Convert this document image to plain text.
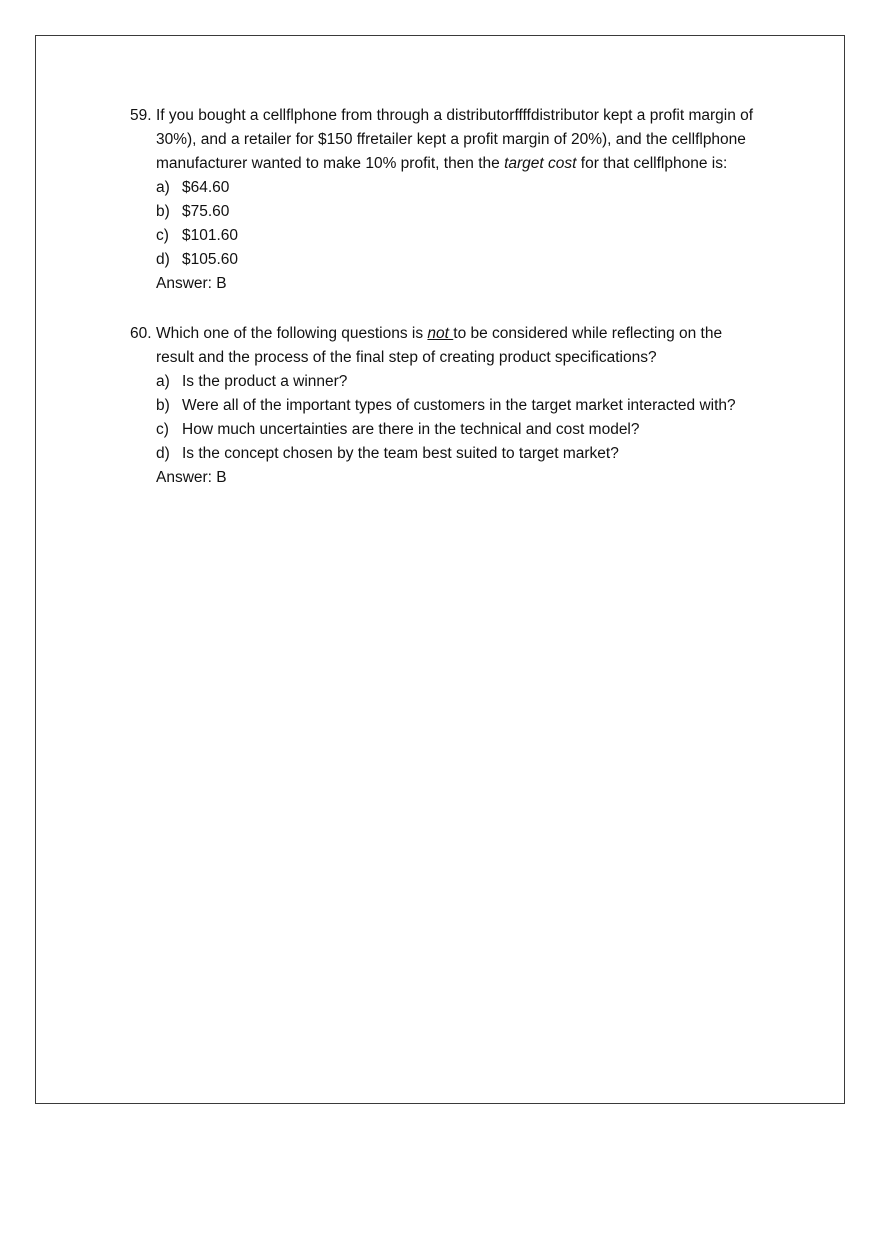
59. If you bought a cellflphone from through a distributorffffdistributor kept a profit margin of
30%), and a retailer for $150 ffretailer kept a profit margin of 20%), and the cellflphone
manufacturer wanted to make 10% profit, then the target cost for that cellflphone is:
a) $64.60
b) $75.60
c) $101.60
d) $105.60
Answer: B
60. Which one of the following questions is not to be considered while reflecting on the
result and the process of the final step of creating product specifications?
a) Is the product a winner?
b) Were all of the important types of customers in the target market interacted with?
c) How much uncertainties are there in the technical and cost model?
d) Is the concept chosen by the team best suited to target market?
Answer: B
